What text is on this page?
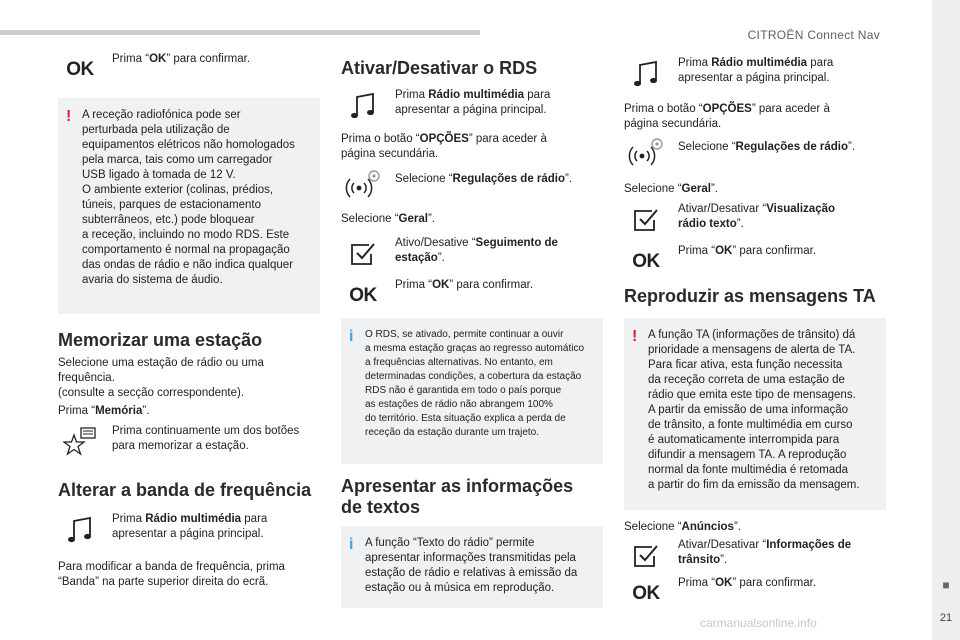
CITROËN Connect Nav
■
21
carmanualsonline.info
OK	Prima “OK” para confirmar.
! A receção radiofónica pode ser
perturbada pela utilização de
equipamentos elétricos não homologados
pela marca, tais como um carregador
USB ligado à tomada de 12 V.
O ambiente exterior (colinas, prédios,
túneis, parques de estacionamento
subterrâneos, etc.) pode bloquear
a receção, incluindo no modo RDS. Este
comportamento é normal na propagação
das ondas de rádio e não indica qualquer
avaria do sistema de áudio.
Memorizar uma estação
Selecione uma estação de rádio ou uma
frequência.
(consulte a secção correspondente).
Prima “Memória”.
Prima continuamente um dos botões
para memorizar a estação.
Alterar a banda de frequência
Prima Rádio multimédia para
apresentar a página principal.
Para modificar a banda de frequência, prima
“Banda” na parte superior direita do ecrã.
Ativar/Desativar o RDS
Prima Rádio multimédia para
apresentar a página principal.
Prima o botão “OPÇÕES” para aceder à
página secundária.
Selecione “Regulações de rádio”.
Selecione “Geral”.
Ativo/Desative “Seguimento de
estação”.
OK	Prima “OK” para confirmar.
i O RDS, se ativado, permite continuar a ouvir
a mesma estação graças ao regresso automático
a frequências alternativas. No entanto, em
determinadas condições, a cobertura da estação
RDS não é garantida em todo o país porque
as estações de rádio não abrangem 100%
do território. Esta situação explica a perda de
receção da estação durante um trajeto.
Apresentar as informações
de textos
i A função “Texto do rádio” permite
apresentar informações transmitidas pela
estação de rádio e relativas à emissão da
estação ou à música em reprodução.
Prima Rádio multimédia para
apresentar a página principal.
Prima o botão “OPÇÕES” para aceder à
página secundária.
Selecione “Regulações de rádio”.
Selecione “Geral”.
Ativar/Desativar “Visualização
rádio texto”.
OK	Prima “OK” para confirmar.
Reproduzir as mensagens TA
! A função TA (informações de trânsito) dá
prioridade a mensagens de alerta de TA.
Para ficar ativa, esta função necessita
da receção correta de uma estação de
rádio que emita este tipo de mensagens.
A partir da emissão de uma informação
de trânsito, a fonte multimédia em curso
é automaticamente interrompida para
difundir a mensagem TA. A reprodução
normal da fonte multimédia é retomada
a partir do fim da emissão da mensagem.
Selecione “Anúncios”.
Ativar/Desativar “Informações de
trânsito”.
OK	Prima “OK” para confirmar.
